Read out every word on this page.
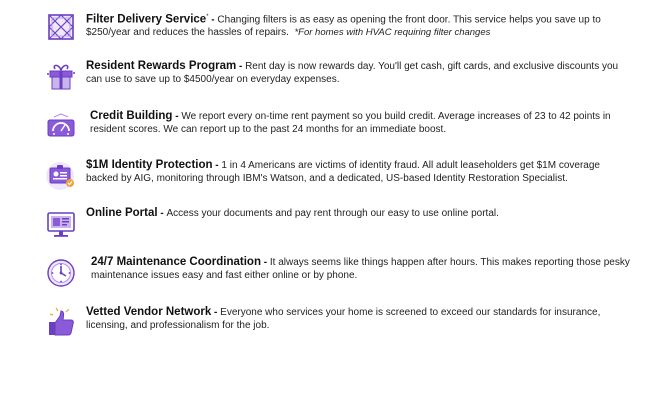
Filter Delivery Service* - Changing filters is as easy as opening the front door. This service helps you save up to $250/year and reduces the hassles of repairs. *For homes with HVAC requiring filter changes
Resident Rewards Program - Rent day is now rewards day. You'll get cash, gift cards, and exclusive discounts you can use to save up to $4500/year on everyday expenses.
Credit Building - We report every on-time rent payment so you build credit. Average increases of 23 to 42 points in resident scores. We can report up to the past 24 months for an immediate boost.
$1M Identity Protection - 1 in 4 Americans are victims of identity fraud. All adult leaseholders get $1M coverage backed by AIG, monitoring through IBM's Watson, and a dedicated, US-based Identity Restoration Specialist.
Online Portal - Access your documents and pay rent through our easy to use online portal.
24/7 Maintenance Coordination - It always seems like things happen after hours. This makes reporting those pesky maintenance issues easy and fast either online or by phone.
Vetted Vendor Network - Everyone who services your home is screened to exceed our standards for insurance, licensing, and professionalism for the job.
